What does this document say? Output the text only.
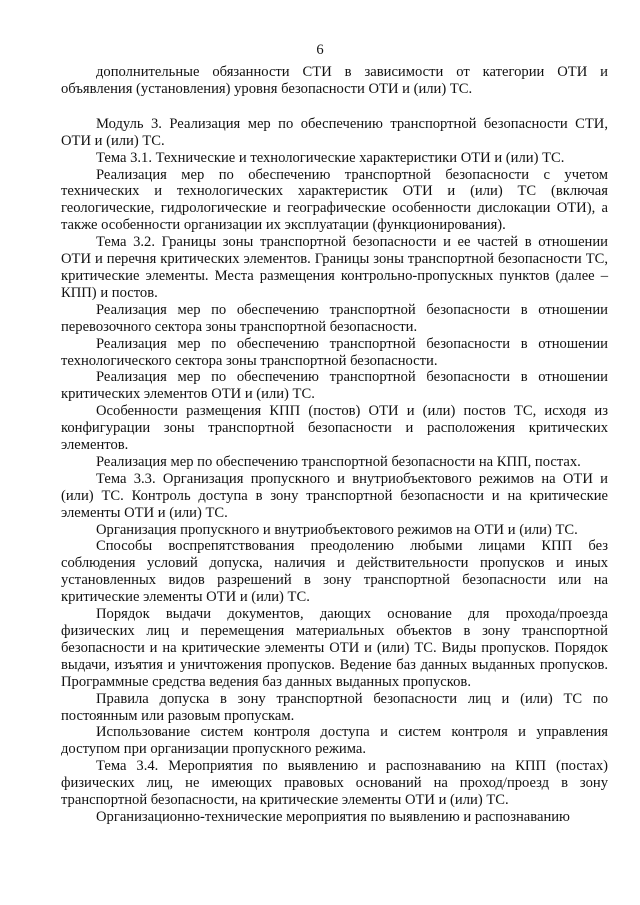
6

дополнительные обязанности СТИ в зависимости от категории ОТИ и объявления (установления) уровня безопасности ОТИ и (или) ТС.

Модуль 3. Реализация мер по обеспечению транспортной безопасности СТИ, ОТИ и (или) ТС.

Тема 3.1. Технические и технологические характеристики ОТИ и (или) ТС.

Реализация мер по обеспечению транспортной безопасности с учетом технических и технологических характеристик ОТИ и (или) ТС (включая геологические, гидрологические и географические особенности дислокации ОТИ), а также особенности организации их эксплуатации (функционирования).

Тема 3.2. Границы зоны транспортной безопасности и ее частей в отношении ОТИ и перечня критических элементов. Границы зоны транспортной безопасности ТС, критические элементы. Места размещения контрольно-пропускных пунктов (далее – КПП) и постов.

Реализация мер по обеспечению транспортной безопасности в отношении перевозочного сектора зоны транспортной безопасности.

Реализация мер по обеспечению транспортной безопасности в отношении технологического сектора зоны транспортной безопасности.

Реализация мер по обеспечению транспортной безопасности в отношении критических элементов ОТИ и (или) ТС.

Особенности размещения КПП (постов) ОТИ и (или) постов ТС, исходя из конфигурации зоны транспортной безопасности и расположения критических элементов.

Реализация мер по обеспечению транспортной безопасности на КПП, постах.

Тема 3.3. Организация пропускного и внутриобъектового режимов на ОТИ и (или) ТС. Контроль доступа в зону транспортной безопасности и на критические элементы ОТИ и (или) ТС.

Организация пропускного и внутриобъектового режимов на ОТИ и (или) ТС.

Способы воспрепятствования преодолению любыми лицами КПП без соблюдения условий допуска, наличия и действительности пропусков и иных установленных видов разрешений в зону транспортной безопасности или на критические элементы ОТИ и (или) ТС.

Порядок выдачи документов, дающих основание для прохода/проезда физических лиц и перемещения материальных объектов в зону транспортной безопасности и на критические элементы ОТИ и (или) ТС. Виды пропусков. Порядок выдачи, изъятия и уничтожения пропусков. Ведение баз данных выданных пропусков. Программные средства ведения баз данных выданных пропусков.

Правила допуска в зону транспортной безопасности лиц и (или) ТС по постоянным или разовым пропускам.

Использование систем контроля доступа и систем контроля и управления доступом при организации пропускного режима.

Тема 3.4. Мероприятия по выявлению и распознаванию на КПП (постах) физических лиц, не имеющих правовых оснований на проход/проезд в зону транспортной безопасности, на критические элементы ОТИ и (или) ТС.

Организационно-технические мероприятия по выявлению и распознаванию
